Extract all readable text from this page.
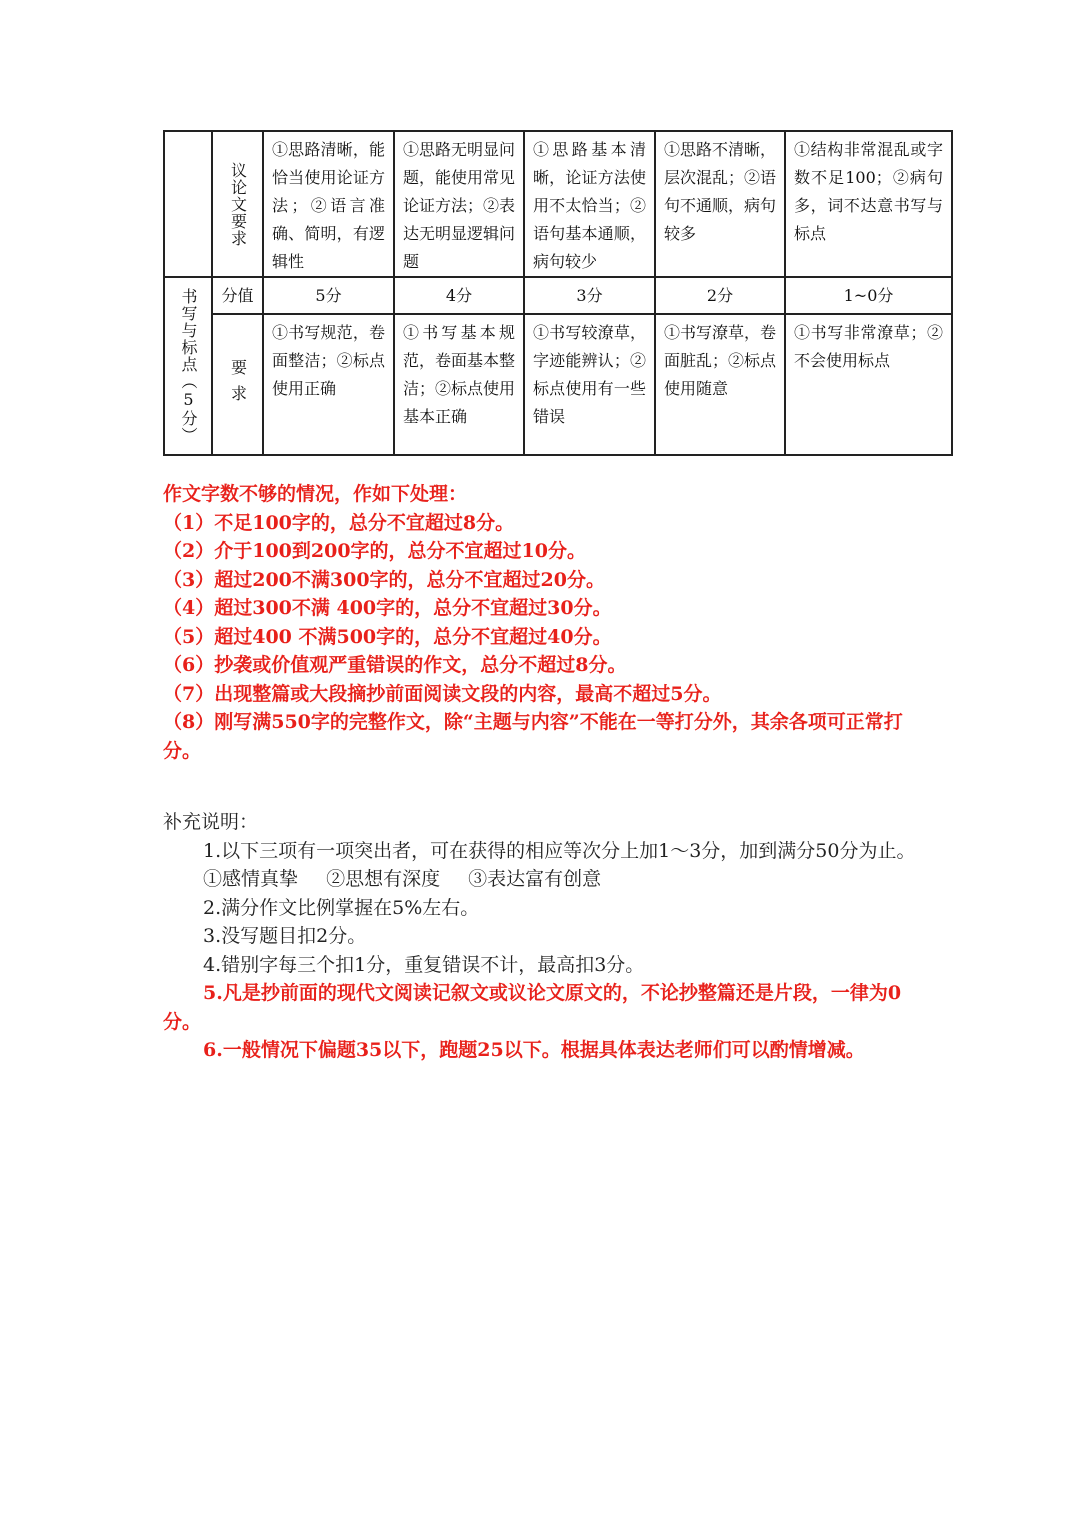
	议论文要求	①思路清晰，能恰当使用论证方法；②语言准确、简明，有逻辑性	①思路无明显问题，能使用常见论证方法；②表达无明显逻辑问题	①思路基本清晰，论证方法使用不太恰当；②语句基本通顺，病句较少	①思路不清晰，层次混乱；②语句不通顺，病句较多	①结构非常混乱或字数不足100；②病句多，词不达意书写与标点

书写与标点（5分）	分值	5分	4分	3分	2分	1~0分

	要求	①书写规范，卷面整洁；②标点使用正确	①书写基本规范，卷面基本整洁；②标点使用基本正确	①书写较潦草，字迹能辨认；②标点使用有一些错误	①书写潦草，卷面脏乱；②标点使用随意	①书写非常潦草；②不会使用标点

作文字数不够的情况，作如下处理：

（1）不足100字的，总分不宜超过8分。

（2）介于100到200字的，总分不宜超过10分。

（3）超过200不满300字的，总分不宜超过20分。

（4）超过300不满 400字的，总分不宜超过30分。

（5）超过400 不满500字的，总分不宜超过40分。

（6）抄袭或价值观严重错误的作文，总分不超过8分。

（7）出现整篇或大段摘抄前面阅读文段的内容，最高不超过5分。

（8）刚写满550字的完整作文，除“主题与内容”不能在一等打分外，其余各项可正常打分。

补充说明：

1.以下三项有一项突出者，可在获得的相应等次分上加1～3分，加到满分50分为止。

①感情真挚 ②思想有深度 ③表达富有创意

2.满分作文比例掌握在5%左右。

3.没写题目扣2分。

4.错别字每三个扣1分，重复错误不计，最高扣3分。

5.凡是抄前面的现代文阅读记叙文或议论文原文的，不论抄整篇还是片段，一律为0分。

6.一般情况下偏题35以下，跑题25以下。根据具体表达老师们可以酌情增减。
